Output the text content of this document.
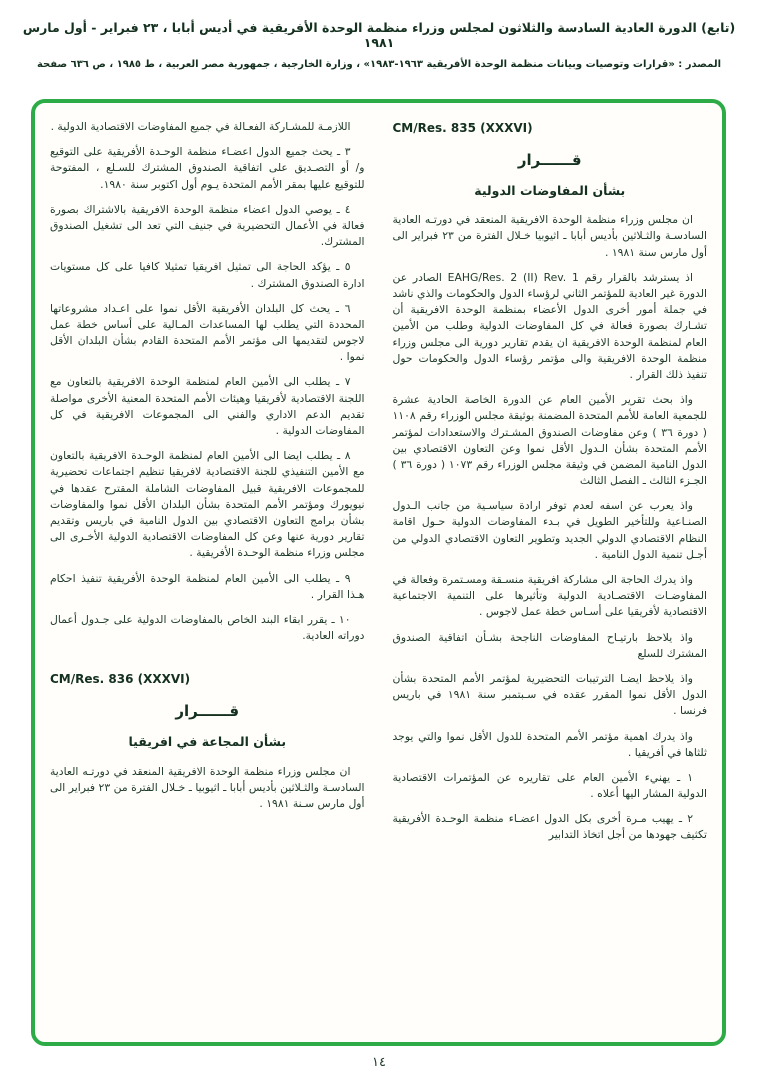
(تابع) الدورة العادية السادسة والثلاثون لمجلس وزراء منظمة الوحدة الأفريقية في أديس أبابا ، ٢٣ فبراير - أول مارس ١٩٨١
المصدر : «قرارات وتوصيات وبيانات منظمة الوحدة الأفريقية ١٩٦٣-١٩٨٣» ، وزارة الخارجية ، جمهورية مصر العربية ، ط ١٩٨٥ ، ص ٦٣٦ صفحة
CM/Res. 835 (XXXVI)
قــــــرار
بشأن المفاوضات الدولية

ان مجلس وزراء منظمة الوحدة الافريقية المنعقد في دورتـه العادية السادسـة والثـلاثين بأديس أبابا ـ اثيوبيا خـلال الفترة من ٢٣ فبراير الى أول مارس سنة ١٩٨١ .

اذ يسترشد بالقرار رقم EAHG/Res. 2 (II) Rev. 1 الصادر عن الدورة غير العادية للمؤتمر الثاني لرؤساء الدول والحكومات والذي ناشد في جملة أمور أخرى الدول الأعضاء بمنظمة الوحدة الافريقية أن تشـارك بصورة فعالة في كل المفاوضات الدولية وطلب من الأمين العام لمنظمة الوحدة الافريقية ان يقدم تقارير دورية الى مجلس وزراء منظمة الوحدة الافريقية والى مؤتمر رؤساء الدول والحكومات حول تنفيذ ذلك القرار .

واذ بحث تقرير الأمين العام عن الدورة الخاصة الحادية عشرة للجمعية العامة للأمم المتحدة المضمنة بوثيقة مجلس الوزراء رقم ١١٠٨ ( دورة ٣٦ ) وعن مفاوضات الصندوق المشـترك والاستعدادات لمؤتمر الأمم المتحدة بشأن الـدول الأقل نموا وعن التعاون الاقتصادي بين الدول النامية المضمن في وثيقة مجلس الوزراء رقم ١٠٧٣ ( دورة ٣٦ ) الجـزء الثالث ـ الفصل الثالث

واذ يعرب عن اسفه لعدم توفر ارادة سياسـية من جانب الـدول الصنـاعية وللتأخير الطويل في بـدء المفاوضات الدولية حـول اقامة النظام الاقتصادي الدولي الجديد وتطوير التعاون الاقتصادي الدولي من أجـل تنمية الدول النامية .

واذ يدرك الحاجة الى مشاركة افريقية منسـقة ومسـتمرة وفعالة في المفاوضـات الاقتصـادية الدولية وتأثيرها على التنمية الاجتماعية الاقتصادية لأفريقيا على أسـاس خطة عمل لاجوس .

واذ يلاحظ بارتيـاح المفاوضات الناجحة بشـأن اتفاقية الصندوق المشترك للسلع

واذ يلاحظ ايضـا الترتيبات التحضيرية لمؤتمر الأمم المتحدة بشأن الدول الأقل نموا المقرر عقده في سـبتمبر سنة ١٩٨١ في باريس فرنسا .

واذ يدرك اهمية مؤتمر الأمم المتحدة للدول الأقل نموا والتي يوجد ثلثاها في أفريقيا .

١ ـ يهنيء الأمين العام على تقاريره عن المؤتمرات الاقتصادية الدولية المشار اليها أعلاه .

٢ ـ يهيب مـرة أخرى بكل الدول اعضـاء منظمة الوحـدة الأفريقية تكثيف جهودها من أجل اتخاذ التدابير

اللازمـة للمشـاركة الفعـالة في جميع المفاوضات الاقتصادية الدولية .

٣ ـ يحث جميع الدول اعضـاء منظمة الوحـدة الأفريقية على التوقيع و/ أو التصـديق على اتفاقية الصندوق المشترك للسـلع ، المفتوحة للتوقيع عليها بمقر الأمم المتحدة يـوم أول اكتوبر سنة ١٩٨٠.

٤ ـ يوصي الدول اعضاء منظمة الوحدة الافريقية بالاشتراك بصورة فعالة في الأعمال التحضيرية في جنيف التي تعد الى تشغيل الصندوق المشترك.

٥ ـ يؤكد الحاجة الى تمثيل افريقيا تمثيلا كافيا على كل مستويات ادارة الصندوق المشترك .

٦ ـ يحث كل البلدان الأفريقية الأقل نموا على اعـداد مشروعاتها المحددة التي يطلب لها المساعدات المـالية على أساس خطة عمل لاجوس لتقديمها الى مؤتمر الأمم المتحدة القادم بشأن البلدان الأقل نموا .

٧ ـ يطلب الى الأمين العام لمنظمة الوحدة الافريقية بالتعاون مع اللجنة الاقتصادية لأفريقيا وهيئات الأمم المتحدة المعنية الأخرى مواصلة تقديم الدعم الاداري والفني الى المجموعات الافريقية في كل المفاوضات الدولية .

٨ ـ يطلب ايضا الى الأمين العام لمنظمة الوحـدة الافريقية بالتعاون مع الأمين التنفيذي للجنة الاقتصادية لافريقيا تنظيم اجتماعات تحضيرية للمجموعات الافريقية قبيل المفاوضات الشاملة المقترح عقدها في نيويورك ومؤتمر الأمم المتحدة بشأن البلدان الأقل نموا والمفاوضات بشأن برامج التعاون الاقتصادي بين الدول النامية في باريس وتقديم تقارير دورية عنها وعن كل المفاوضات الاقتصادية الدولية الأخـرى الى مجلس وزراء منظمة الوحـدة الأفريقية .

٩ ـ يطلب الى الأمين العام لمنظمة الوحدة الأفريقية تنفيذ احكام هـذا القرار .

١٠ ـ يقرر ابقاء البند الخاص بالمفاوضات الدولية على جـدول أعمال دوراته العادية.

CM/Res. 836 (XXXVI)
قــــــرار
بشأن المجاعة في افريقيا

ان مجلس وزراء منظمة الوحدة الافريقية المنعقد في دورتـه العادية السادسـة والثـلاثين بأديس أبابا ـ اثيوبيا ـ خـلال الفترة من ٢٣ فبراير الى أول مارس سـنة ١٩٨١ .

١٤
